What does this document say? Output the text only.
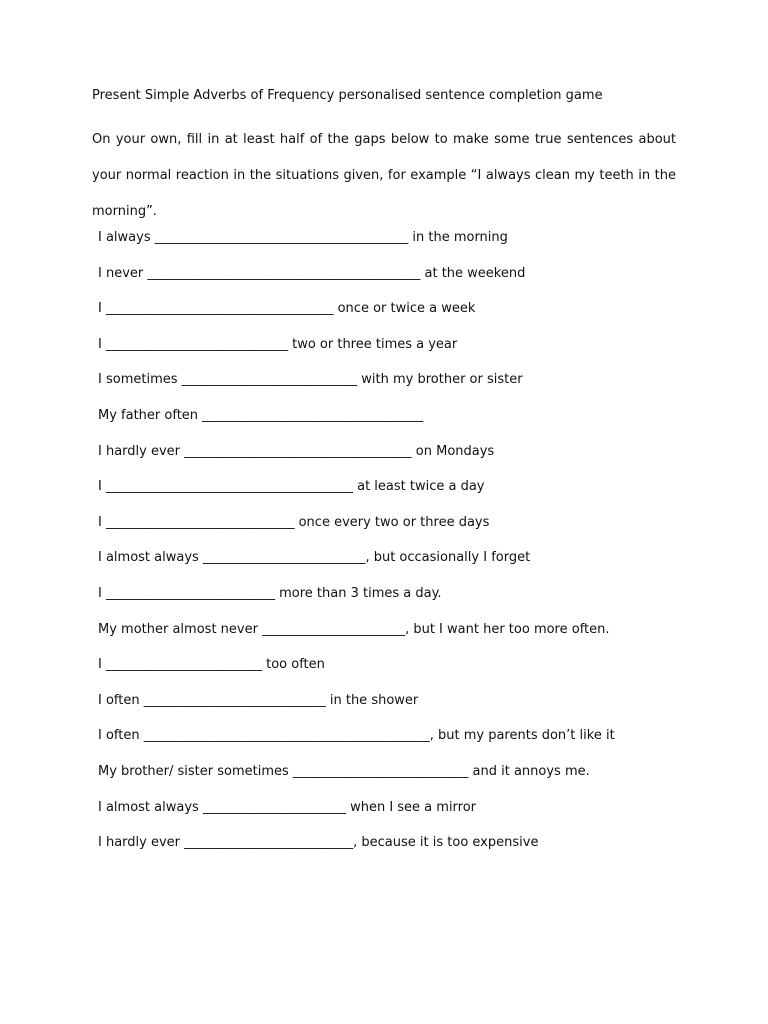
Present Simple Adverbs of Frequency personalised sentence completion game
On your own, fill in at least half of the gaps below to make some true sentences about your normal reaction in the situations given, for example “I always clean my teeth in the morning”.
I always _______________________________________ in the morning
I never __________________________________________ at the weekend
I ___________________________________ once or twice a week
I ____________________________ two or three times a year
I sometimes ___________________________ with my brother or sister
My father often __________________________________
I hardly ever ___________________________________ on Mondays
I ______________________________________ at least twice a day
I _____________________________ once every two or three days
I almost always _________________________, but occasionally I forget
I __________________________ more than 3 times a day.
My mother almost never ______________________, but I want her too more often.
I ________________________ too often
I often ____________________________ in the shower
I often ____________________________________________, but my parents don’t like it
My brother/ sister sometimes ___________________________ and it annoys me.
I almost always ______________________ when I see a mirror
I hardly ever __________________________, because it is too expensive
